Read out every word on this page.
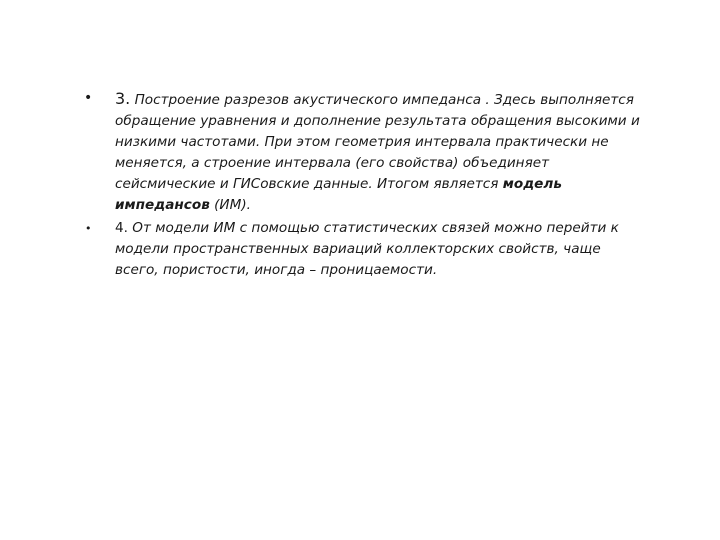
• 3. Построение разрезов акустического импеданса . Здесь выполняется обращение уравнения и дополнение результата обращения высокими и низкими частотами. При этом геометрия интервала практически не меняется, а строение интервала (его свойства) объединяет сейсмические и ГИСовские данные. Итогом является модель импедансов (ИМ).
• 4. От модели ИМ с помощью статистических связей можно перейти к модели пространственных вариаций коллекторских свойств, чаще всего, пористости, иногда – проницаемости.
